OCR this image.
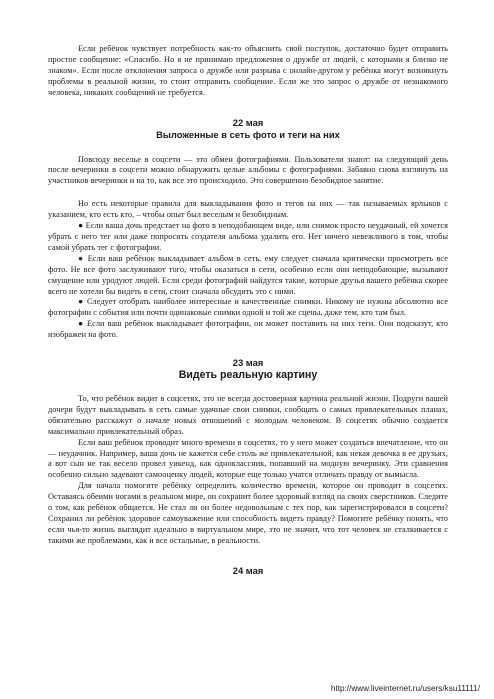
Если ребёнок чувствует потребность как-то объяснить свой поступок, достаточно будет отправить простое сообщение: «Спасибо. Но я не принимаю предложения о дружбе от людей, с которыми я близко не знаком». Если после отклонения запроса о дружбе или разрыва с онлайн-другом у ребёнка могут возникнуть проблемы в реальной жизни, то стоит отправить сообщение. Если же это запрос о дружбе от незнакомого человека, никаких сообщений не требуется.

22 мая
Выложенные в сеть фото и теги на них

Повсюду веселье в соцсети — это обмен фотографиями. Пользователи знают: на следующий день после вечеринки в соцсети можно обнаружить целые альбомы с фотографиями. Забавно снова взглянуть на участников вечеринки и на то, как все это происходило. Это совершенно безобидное занятие.

Но есть некоторые правила для выкладывания фото и тегов на них — так называемых ярлыков с указанием, кто есть кто, – чтобы опыт был веселым и безобидным.

● Если ваша дочь предстает на фото в неподобающем виде, или снимок просто неудачный, ей хочется убрать с него тег или даже попросить создателя альбома удалить его. Нет ничего невежливого в том, чтобы самой убрать тег с фотографии.

● Если ваш ребёнок выкладывает альбом в сеть, ему следует сначала критически просмотреть все фото. Не все фото заслуживают того, чтобы оказаться в сети, особенно если они неподобающие, вызывают смущение или уродуют людей. Если среди фотографий найдутся такие, которые друзья вашего ребёнка скорее всего не хотели бы видеть в сети, стоит сначала обсудить это с ними.

● Следует отобрать наиболее интересные и качественные снимки. Никому не нужны абсолютно все фотографии с события или почти одинаковые снимки одной и той же сцены, даже тем, кто там был.

● Если ваш ребёнок выкладывает фотографии, он может поставить на них теги. Они подсказут, кто изображен на фото.

23 мая
Видеть реальную картину

То, что ребёнок видит в соцсетях, это не всегда достоверная картина реальной жизни. Подруги вашей дочери будут выкладывать в сеть самые удачные свои снимки, сообщать о самых привлекательных планах, обязательно расскажут о начале новых отношений с молодым человеком. В соцсетях обычно создается максимально привлекательный образ.

Если ваш ребёнок проводит много времени в соцсетях, то у него может создаться впечатление, что он — неудачник. Например, ваша дочь не кажется себе столь же привлекательной, как некая девочка в ее друзьях, а вот сын не так весело провел уикенд, как одноклассник, попавший на модную вечеринку. Эти сравнения особенно сильно задевают самооценку людей, которые еще только учатся отличать правду от вымысла.

Для начала помогите ребёнку определить количество времени, которое он проводит в соцсетях. Оставаясь обеими ногами в реальном мире, он сохранит более здоровый взгляд на своих сверстников. Следите о том, как ребёнок общается. Не стал ли он более недовольным с тех пор, как зарегистрировался в соцсети? Сохранил ли ребёнок здоровое самоуважение или способность видеть правду? Помогите ребёнку понять, что если чья-то жизнь выглядит идеально в виртуальном мире, это не значит, что тот человек не сталкивается с такими же проблемами, как и все остальные, в реальности.

24 мая
http://www.liveinternet.ru/users/ksu11111/
